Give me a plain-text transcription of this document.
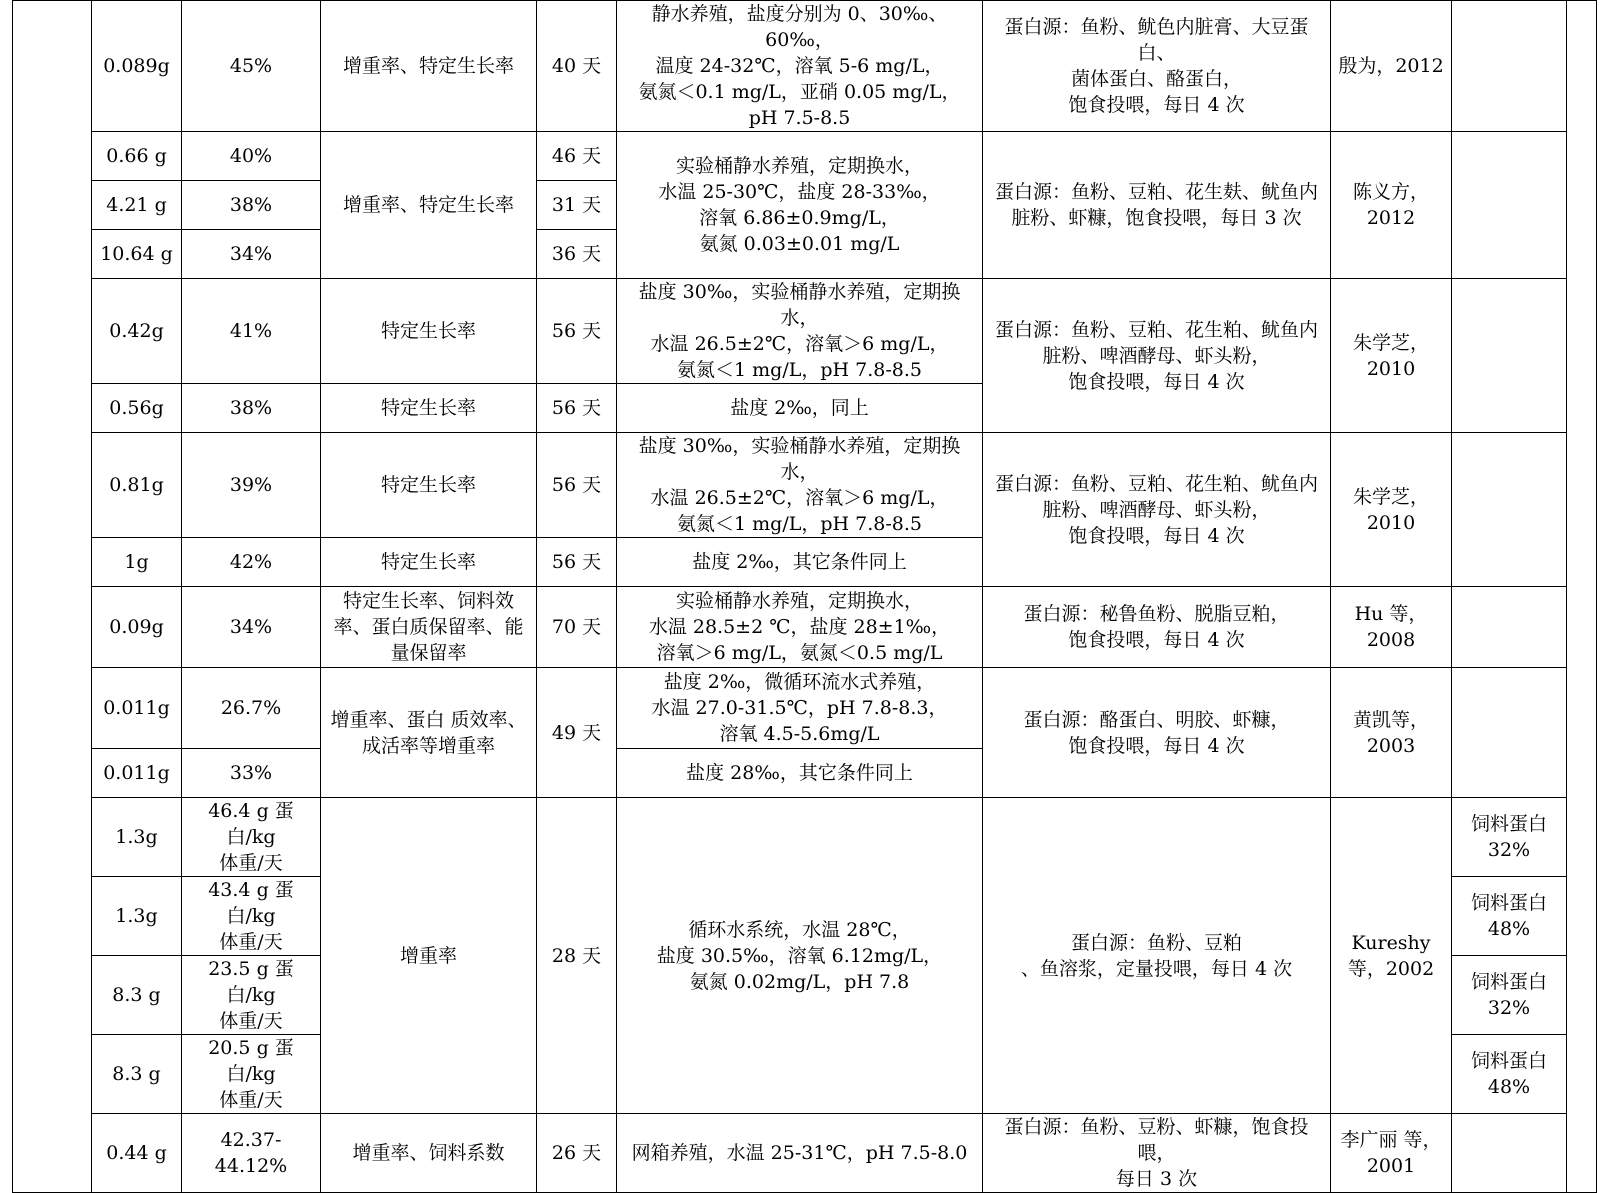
	0.089g	45%	增重率、特定生长率	40 天	静水养殖，盐度分别为 0、30‰、60‰，
温度 24-32℃，溶氧 5-6 mg/L，
氨氮＜0.1 mg/L，亚硝 0.05 mg/L，
pH 7.5-8.5	蛋白源：鱼粉、鱿色内脏膏、大豆蛋白、
菌体蛋白、酪蛋白，
饱食投喂，每日 4 次	殷为，2012		
	0.66 g	40%	增重率、特定生长率	46 天	实验桶静水养殖，定期换水，
水温 25-30℃，盐度 28-33‰，
溶氧 6.86±0.9mg/L，
氨氮 0.03±0.01 mg/L	蛋白源：鱼粉、豆粕、花生麸、鱿鱼内
脏粉、虾糠，饱食投喂，每日 3 次	陈义方，
2012		
	4.21 g	38%		31 天					
	10.64 g	34%		36 天					
	0.42g	41%	特定生长率	56 天	盐度 30‰，实验桶静水养殖，定期换水，
水温 26.5±2℃，溶氧＞6 mg/L，
氨氮＜1 mg/L，pH 7.8-8.5	蛋白源：鱼粉、豆粕、花生粕、鱿鱼内
脏粉、啤酒酵母、虾头粉，
饱食投喂，每日 4 次	朱学芝，
2010		
	0.56g	38%	特定生长率	56 天	盐度 2‰，同上				
	0.81g	39%	特定生长率	56 天	盐度 30‰，实验桶静水养殖，定期换水，
水温 26.5±2℃，溶氧＞6 mg/L，
氨氮＜1 mg/L，pH 7.8-8.5	蛋白源：鱼粉、豆粕、花生粕、鱿鱼内
脏粉、啤酒酵母、虾头粉，
饱食投喂，每日 4 次	朱学芝，
2010		
	1g	42%	特定生长率	56 天	盐度 2‰，其它条件同上				
	0.09g	34%	特定生长率、饲料效
率、蛋白质保留率、能
量保留率	70 天	实验桶静水养殖，定期换水，
水温 28.5±2 ℃，盐度 28±1‰，
溶氧＞6 mg/L，氨氮＜0.5 mg/L	蛋白源：秘鲁鱼粉、脱脂豆粕，
饱食投喂，每日 4 次	Hu 等，
2008		
	0.011g	26.7%	增重率、蛋白 质效率、
成活率等增重率	49 天	盐度 2‰，微循环流水式养殖，
水温 27.0-31.5℃，pH 7.8-8.3，
溶氧 4.5-5.6mg/L	蛋白源：酪蛋白、明胶、虾糠，
饱食投喂，每日 4 次	黄凯等，
2003		
	0.011g	33%			盐度 28‰，其它条件同上				
	1.3g	46.4 g 蛋白/kg
体重/天	增重率	28 天	循环水系统，水温 28℃，
盐度 30.5‰，溶氧 6.12mg/L，
氨氮 0.02mg/L，pH 7.8	蛋白源：鱼粉、豆粕
、鱼溶浆，定量投喂，每日 4 次	Kureshy
等，2002	饲料蛋白
32%	
	1.3g	43.4 g 蛋白/kg
体重/天						饲料蛋白
48%	
	8.3 g	23.5 g 蛋白/kg
体重/天						饲料蛋白
32%	
	8.3 g	20.5 g 蛋白/kg
体重/天						饲料蛋白
48%	
	0.44 g	42.37-
44.12%	增重率、饲料系数	26 天	网箱养殖，水温 25-31℃，pH 7.5-8.0	蛋白源：鱼粉、豆粉、虾糠，饱食投喂，
每日 3 次	李广丽 等，
2001		
